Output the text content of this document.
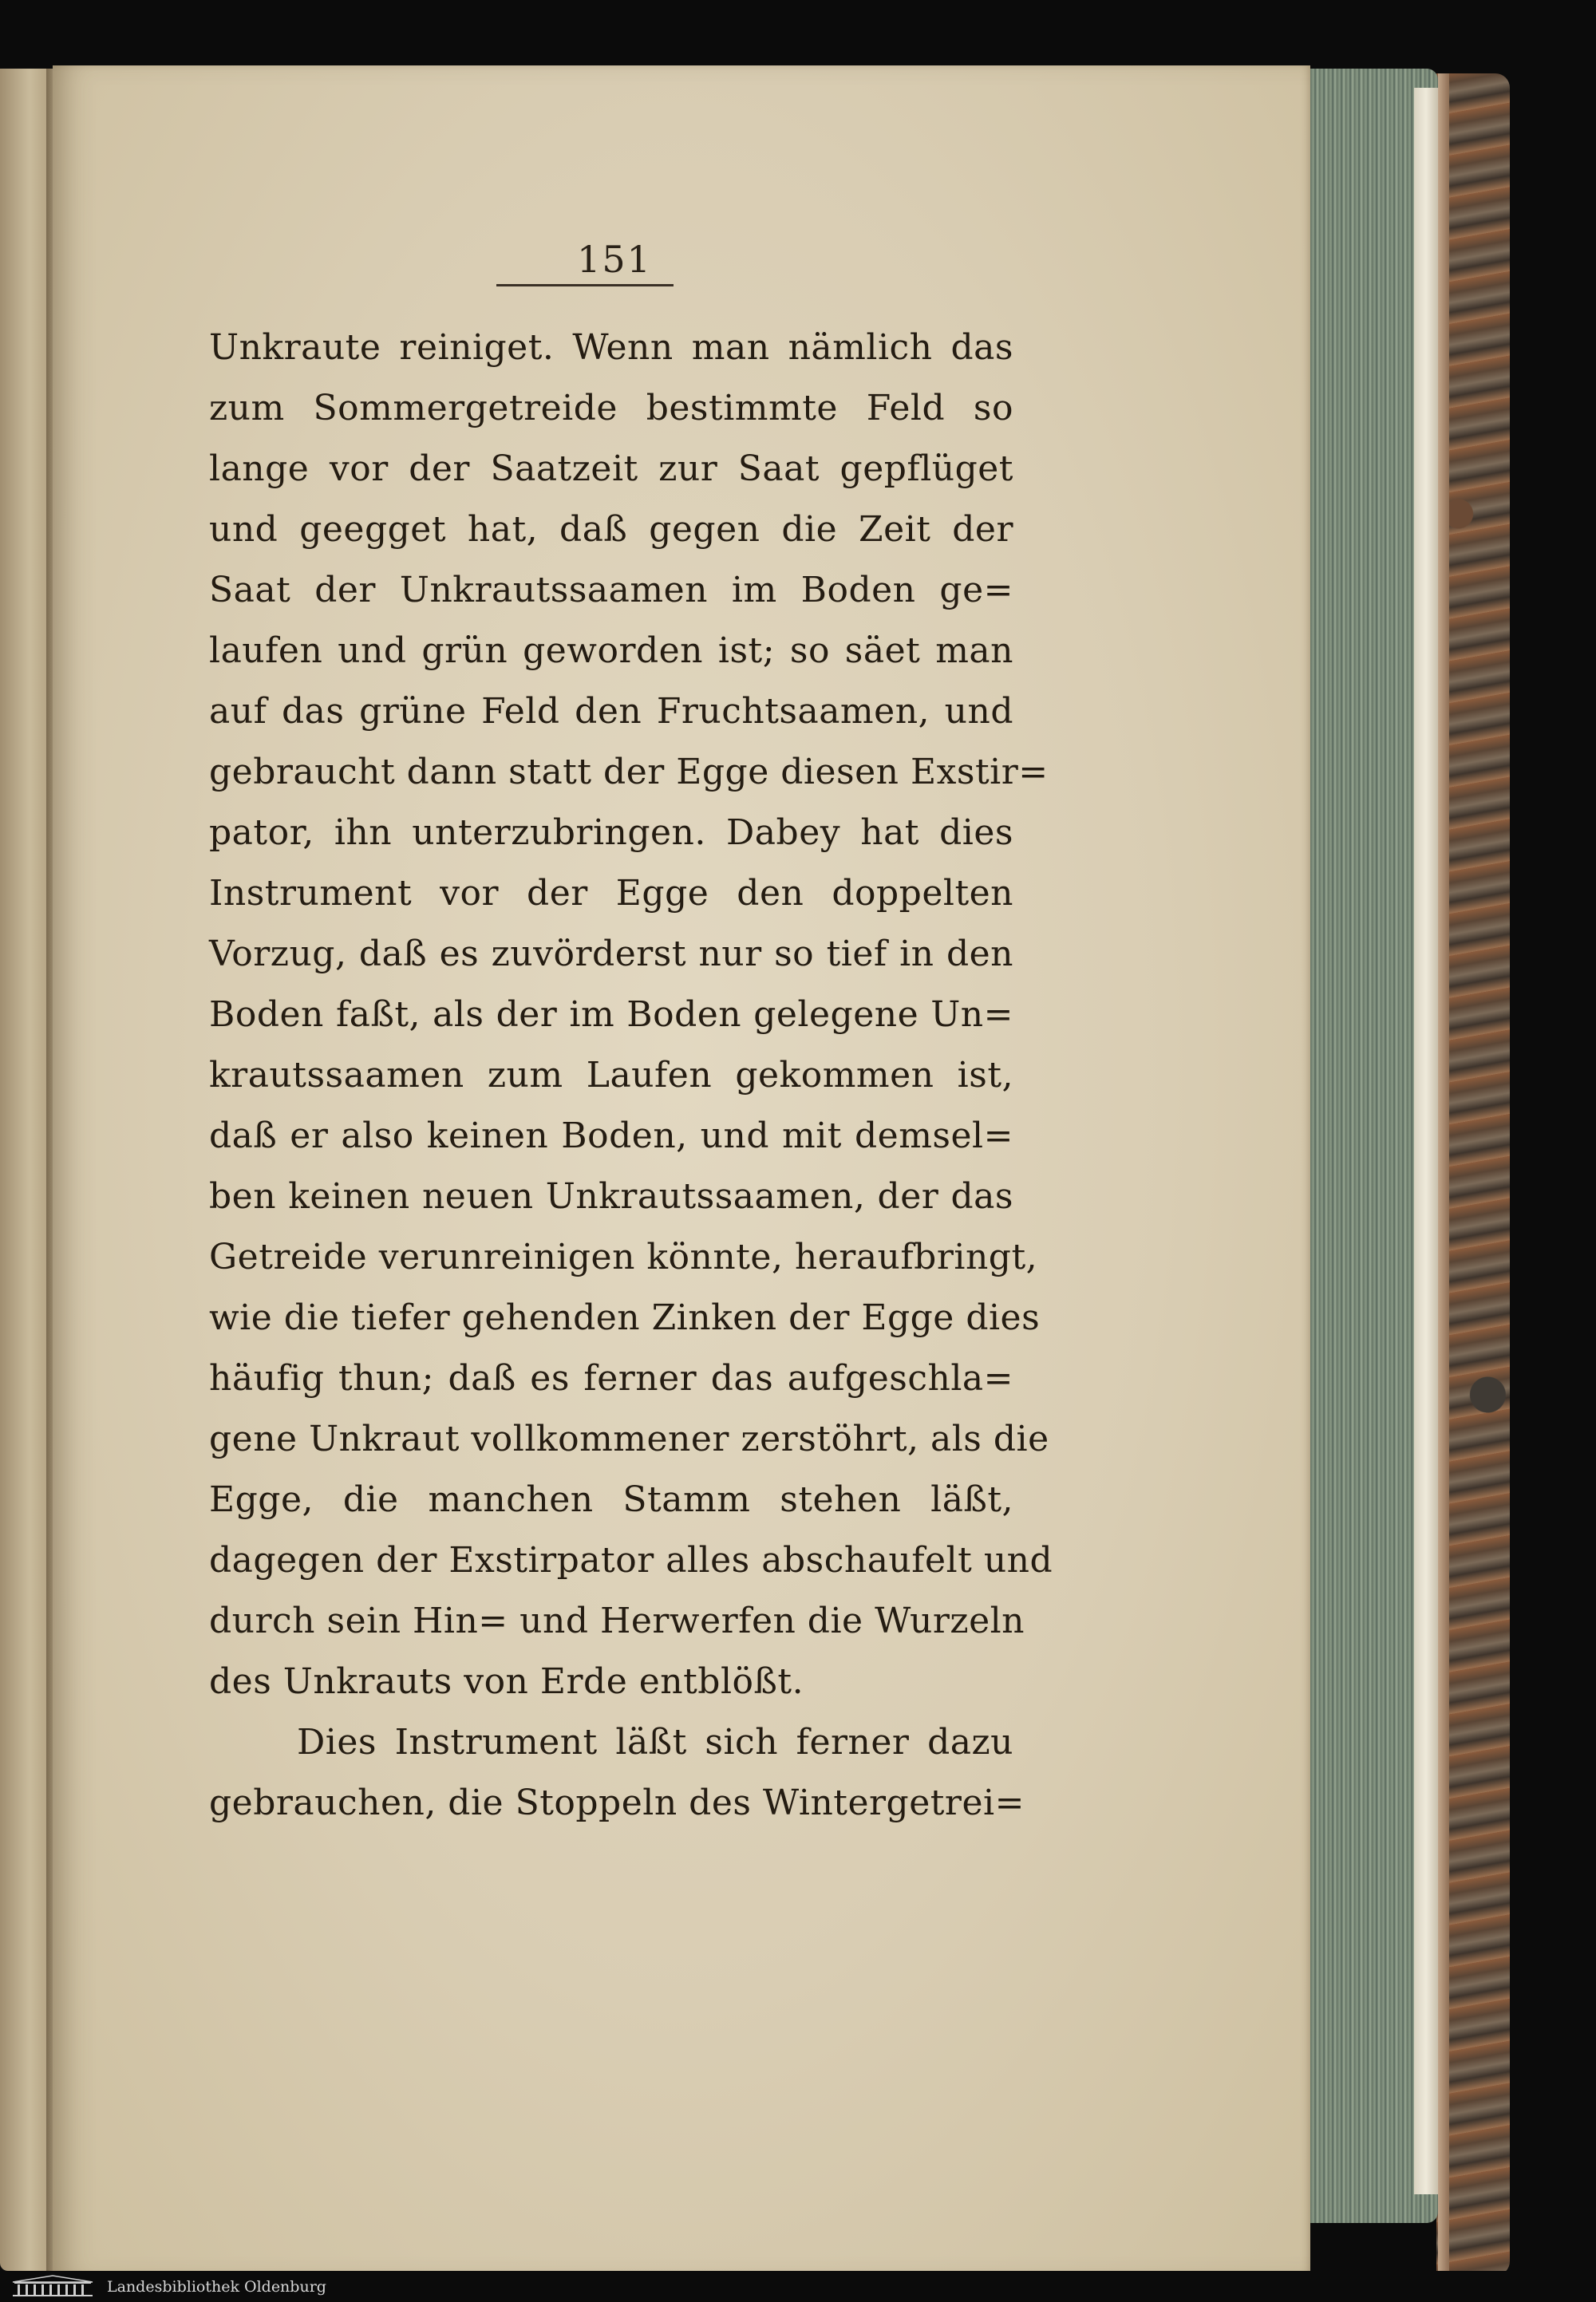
151
Unkraute reiniget. Wenn man nämlich das
zum Sommergetreide bestimmte Feld so
lange vor der Saatzeit zur Saat gepflüget
und geegget hat, daß gegen die Zeit der
Saat der Unkrautssaamen im Boden ge=
laufen und grün geworden ist; so säet man
auf das grüne Feld den Fruchtsaamen, und
gebraucht dann statt der Egge diesen Exstir=
pator, ihn unterzubringen. Dabey hat dies
Instrument vor der Egge den doppelten
Vorzug, daß es zuvörderst nur so tief in den
Boden faßt, als der im Boden gelegene Un=
krautssaamen zum Laufen gekommen ist,
daß er also keinen Boden, und mit demsel=
ben keinen neuen Unkrautssaamen, der das
Getreide verunreinigen könnte, heraufbringt,
wie die tiefer gehenden Zinken der Egge dies
häufig thun; daß es ferner das aufgeschla=
gene Unkraut vollkommener zerstöhrt, als die
Egge, die manchen Stamm stehen läßt,
dagegen der Exstirpator alles abschaufelt und
durch sein Hin= und Herwerfen die Wurzeln
des Unkrauts von Erde entblößt.
Dies Instrument läßt sich ferner dazu
gebrauchen, die Stoppeln des Wintergetrei=
Landesbibliothek Oldenburg
